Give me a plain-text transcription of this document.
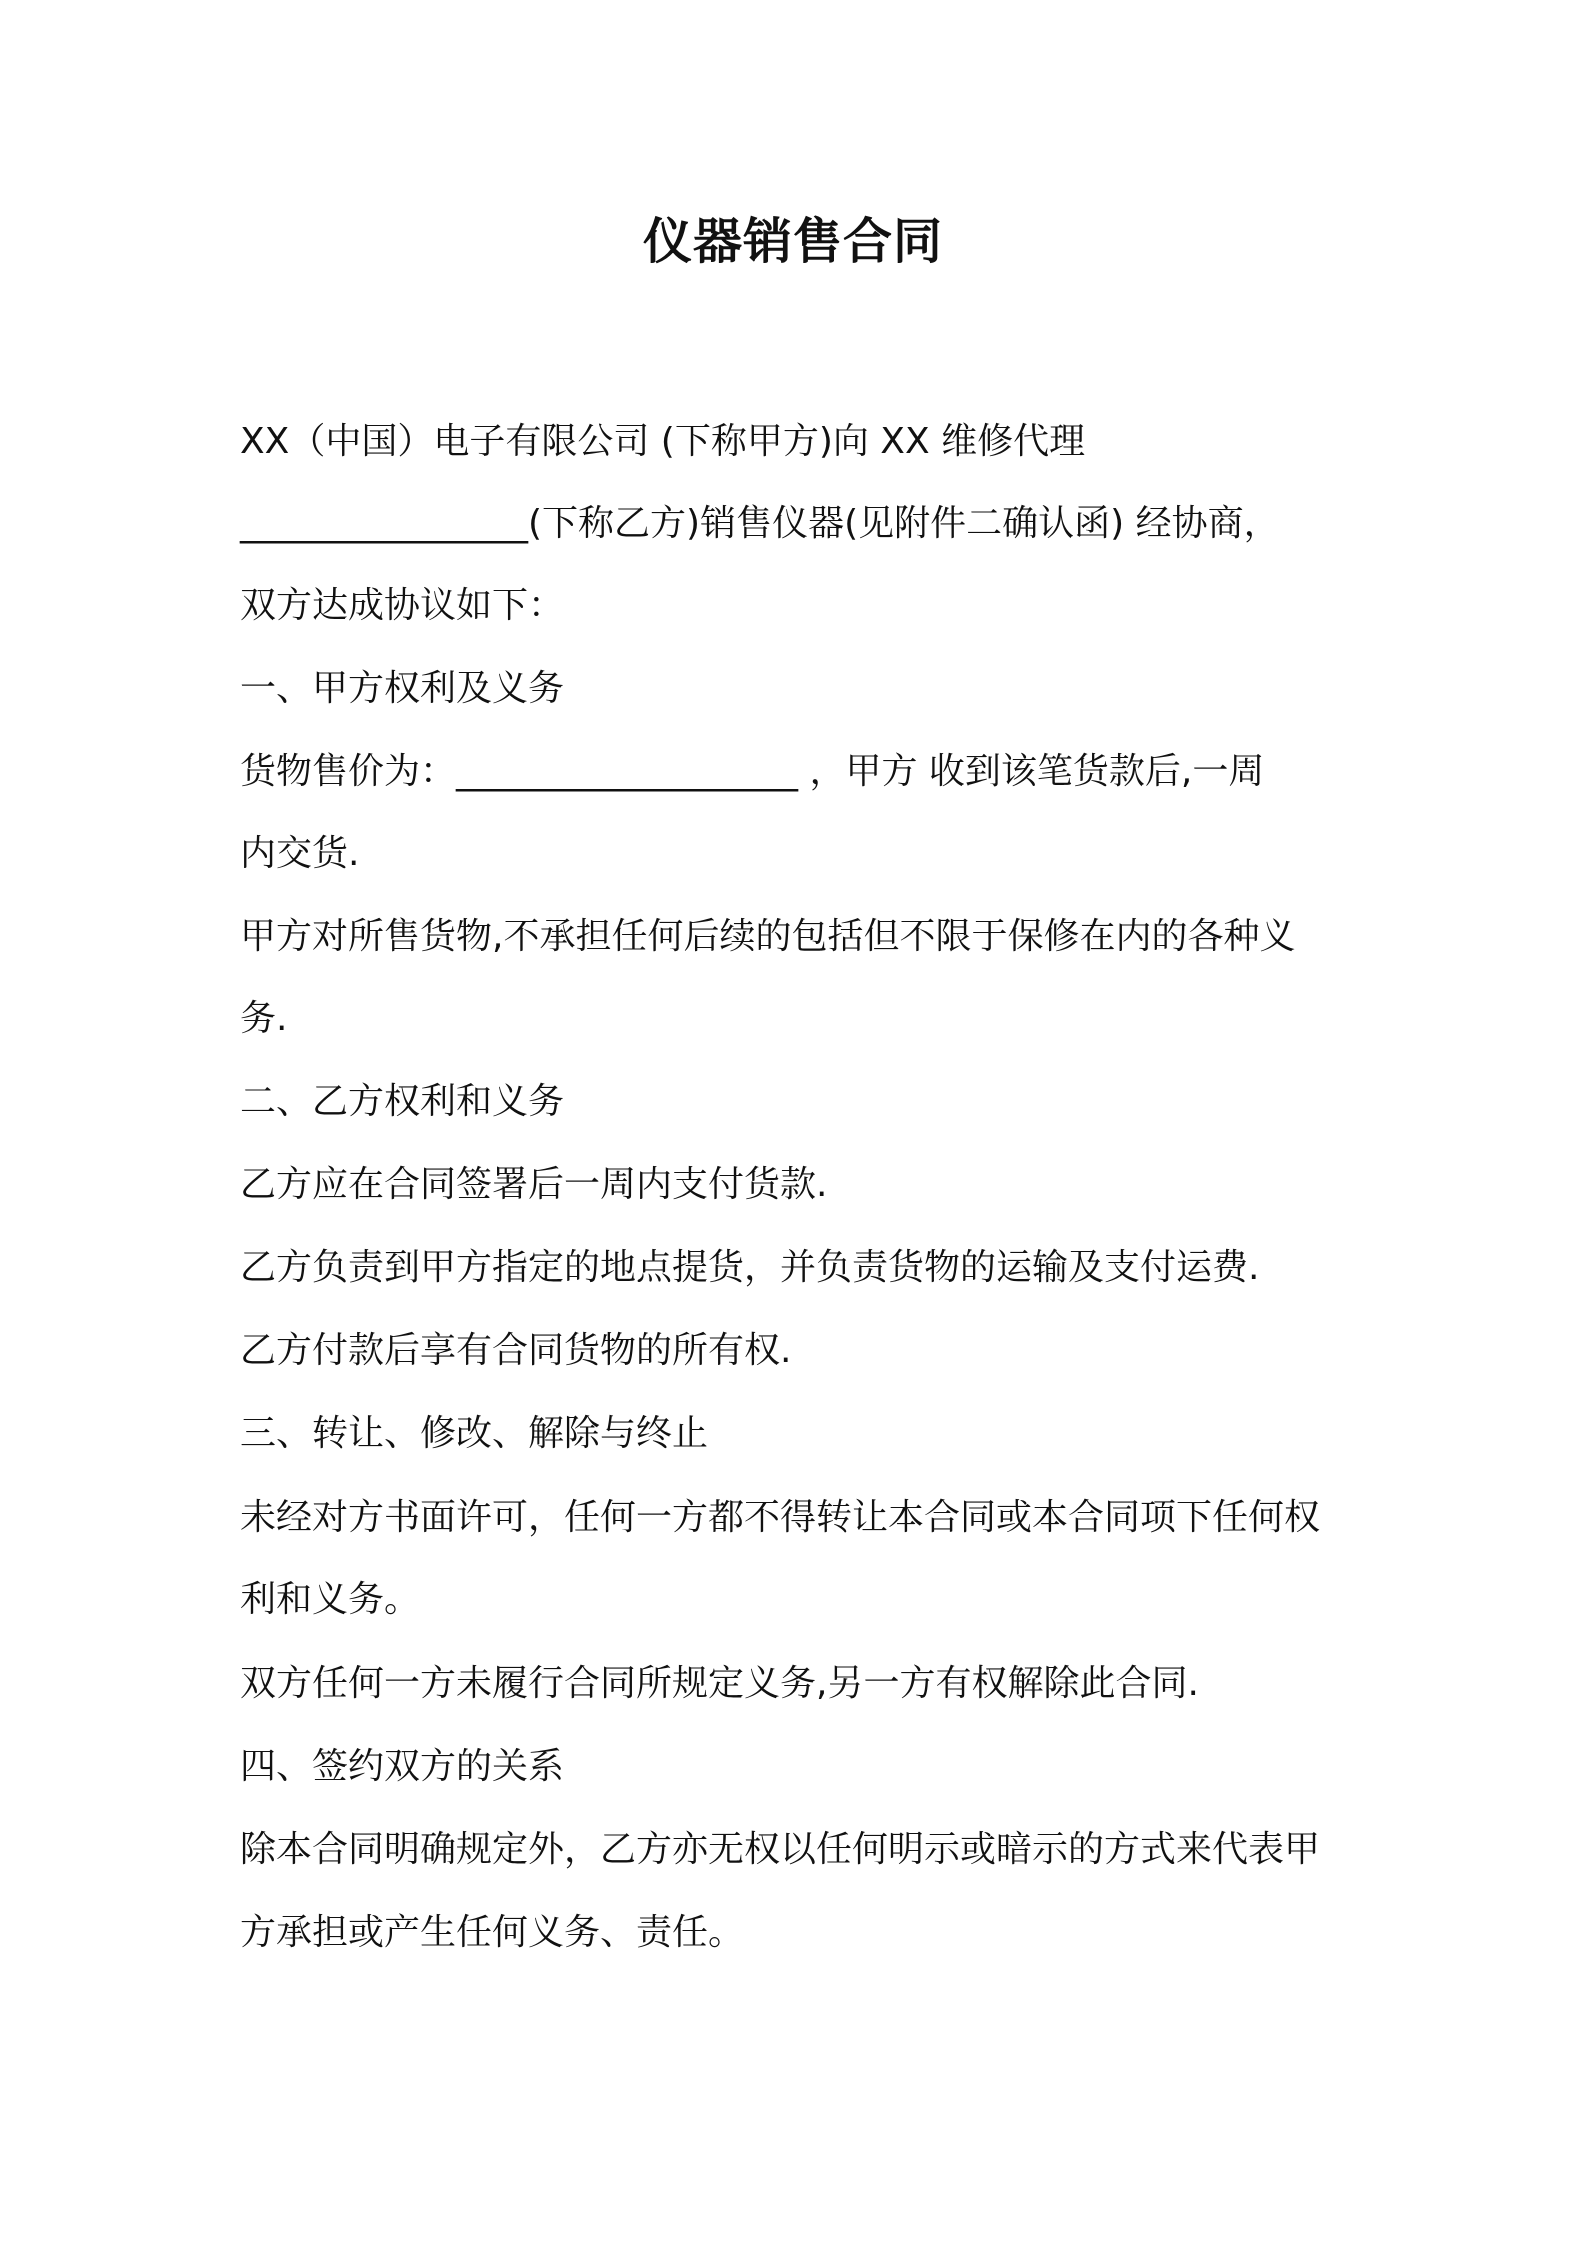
仪器销售合同

XX（中国）电子有限公司 (下称甲方)向 XX 维修代理

________________(下称乙方)销售仪器(见附件二确认函) 经协商，

双方达成协议如下：

一、甲方权利及义务

货物售价为：___________________ ，甲方 收到该笔货款后,一周

内交货.

甲方对所售货物,不承担任何后续的包括但不限于保修在内的各种义

务.

二、乙方权利和义务

乙方应在合同签署后一周内支付货款.

乙方负责到甲方指定的地点提货，并负责货物的运输及支付运费.

乙方付款后享有合同货物的所有权.

三、转让、修改、解除与终止

未经对方书面许可，任何一方都不得转让本合同或本合同项下任何权

利和义务。

双方任何一方未履行合同所规定义务,另一方有权解除此合同.

四、签约双方的关系

除本合同明确规定外，乙方亦无权以任何明示或暗示的方式来代表甲

方承担或产生任何义务、责任。
